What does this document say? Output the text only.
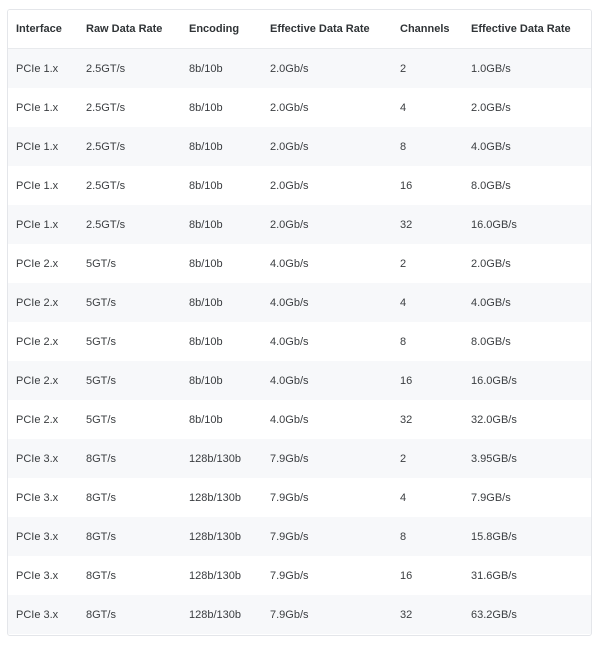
Interface	Raw Data Rate	Encoding	Effective Data Rate	Channels	Effective Data Rate
PCIe 1.x	2.5GT/s	8b/10b	2.0Gb/s	2	1.0GB/s
PCIe 1.x	2.5GT/s	8b/10b	2.0Gb/s	4	2.0GB/s
PCIe 1.x	2.5GT/s	8b/10b	2.0Gb/s	8	4.0GB/s
PCIe 1.x	2.5GT/s	8b/10b	2.0Gb/s	16	8.0GB/s
PCIe 1.x	2.5GT/s	8b/10b	2.0Gb/s	32	16.0GB/s
PCIe 2.x	5GT/s	8b/10b	4.0Gb/s	2	2.0GB/s
PCIe 2.x	5GT/s	8b/10b	4.0Gb/s	4	4.0GB/s
PCIe 2.x	5GT/s	8b/10b	4.0Gb/s	8	8.0GB/s
PCIe 2.x	5GT/s	8b/10b	4.0Gb/s	16	16.0GB/s
PCIe 2.x	5GT/s	8b/10b	4.0Gb/s	32	32.0GB/s
PCIe 3.x	8GT/s	128b/130b	7.9Gb/s	2	3.95GB/s
PCIe 3.x	8GT/s	128b/130b	7.9Gb/s	4	7.9GB/s
PCIe 3.x	8GT/s	128b/130b	7.9Gb/s	8	15.8GB/s
PCIe 3.x	8GT/s	128b/130b	7.9Gb/s	16	31.6GB/s
PCIe 3.x	8GT/s	128b/130b	7.9Gb/s	32	63.2GB/s
